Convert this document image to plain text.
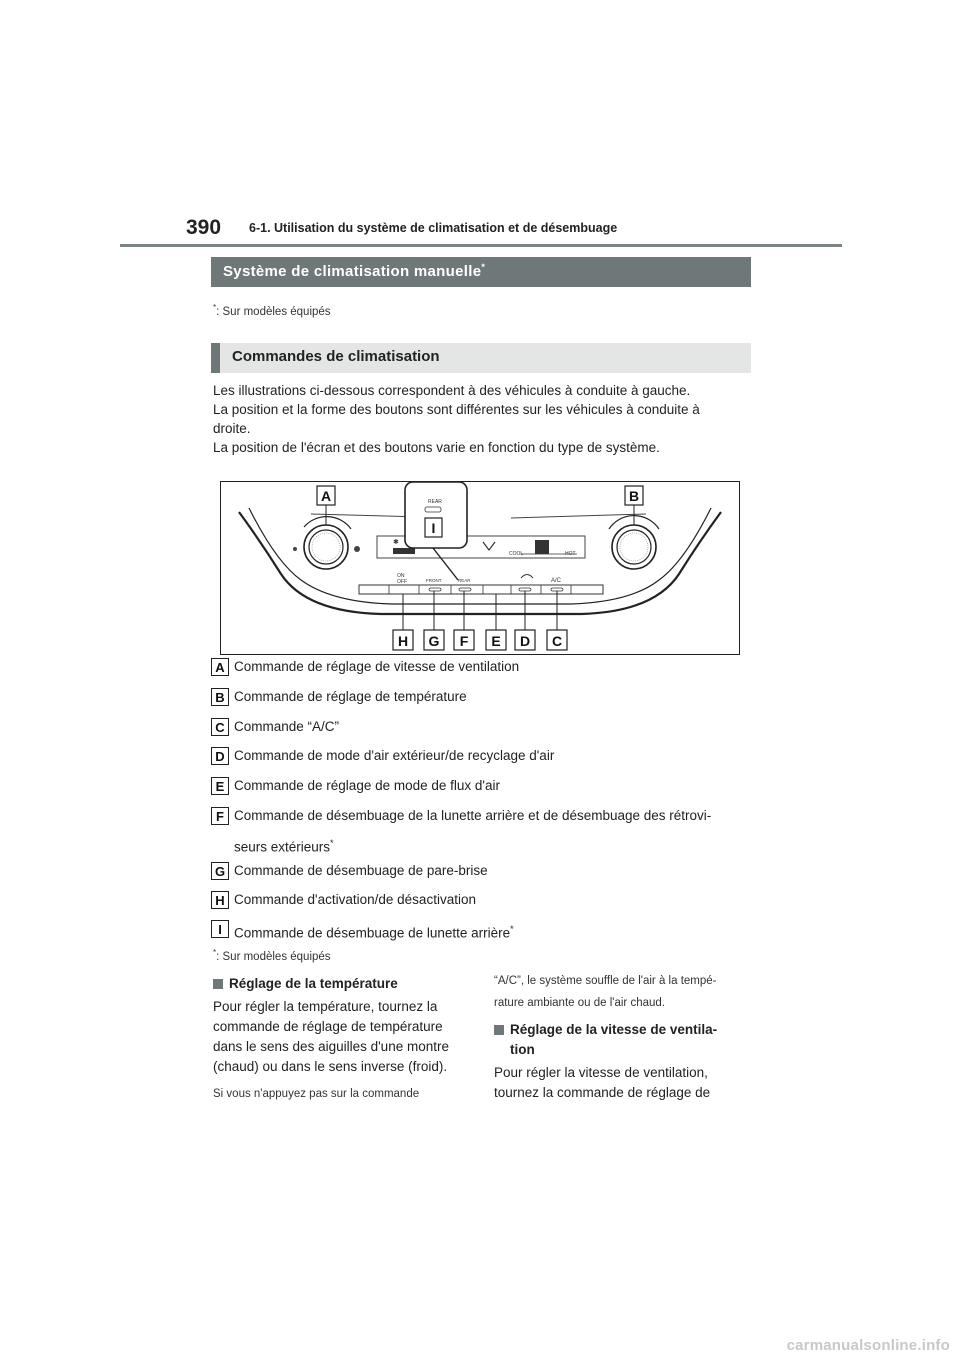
390 6-1. Utilisation du système de climatisation et de désembuage
Système de climatisation manuelle*
*: Sur modèles équipés
Commandes de climatisation
Les illustrations ci-dessous correspondent à des véhicules à conduite à gauche.
La position et la forme des boutons sont différentes sur les véhicules à conduite à
droite.
La position de l'écran et des boutons varie en fonction du type de système.
✱
COOL	HOT
ON
OFF	FRONT	REAR	A/C
REAR
I
A	B
H G F E D C
A Commande de réglage de vitesse de ventilation
B Commande de réglage de température
C Commande “A/C”
D Commande de mode d'air extérieur/de recyclage d'air
E Commande de réglage de mode de flux d'air
F Commande de désembuage de la lunette arrière et de désembuage des rétrovi-
seurs extérieurs*
G Commande de désembuage de pare-brise
H Commande d'activation/de désactivation
I Commande de désembuage de lunette arrière*
*: Sur modèles équipés
Réglage de la température
Pour régler la température, tournez la
commande de réglage de température
dans le sens des aiguilles d'une montre
(chaud) ou dans le sens inverse (froid).
Si vous n'appuyez pas sur la commande
“A/C”, le système souffle de l'air à la tempé-
rature ambiante ou de l'air chaud.
Réglage de la vitesse de ventila-
tion
Pour régler la vitesse de ventilation,
tournez la commande de réglage de
carmanualsonline.info
